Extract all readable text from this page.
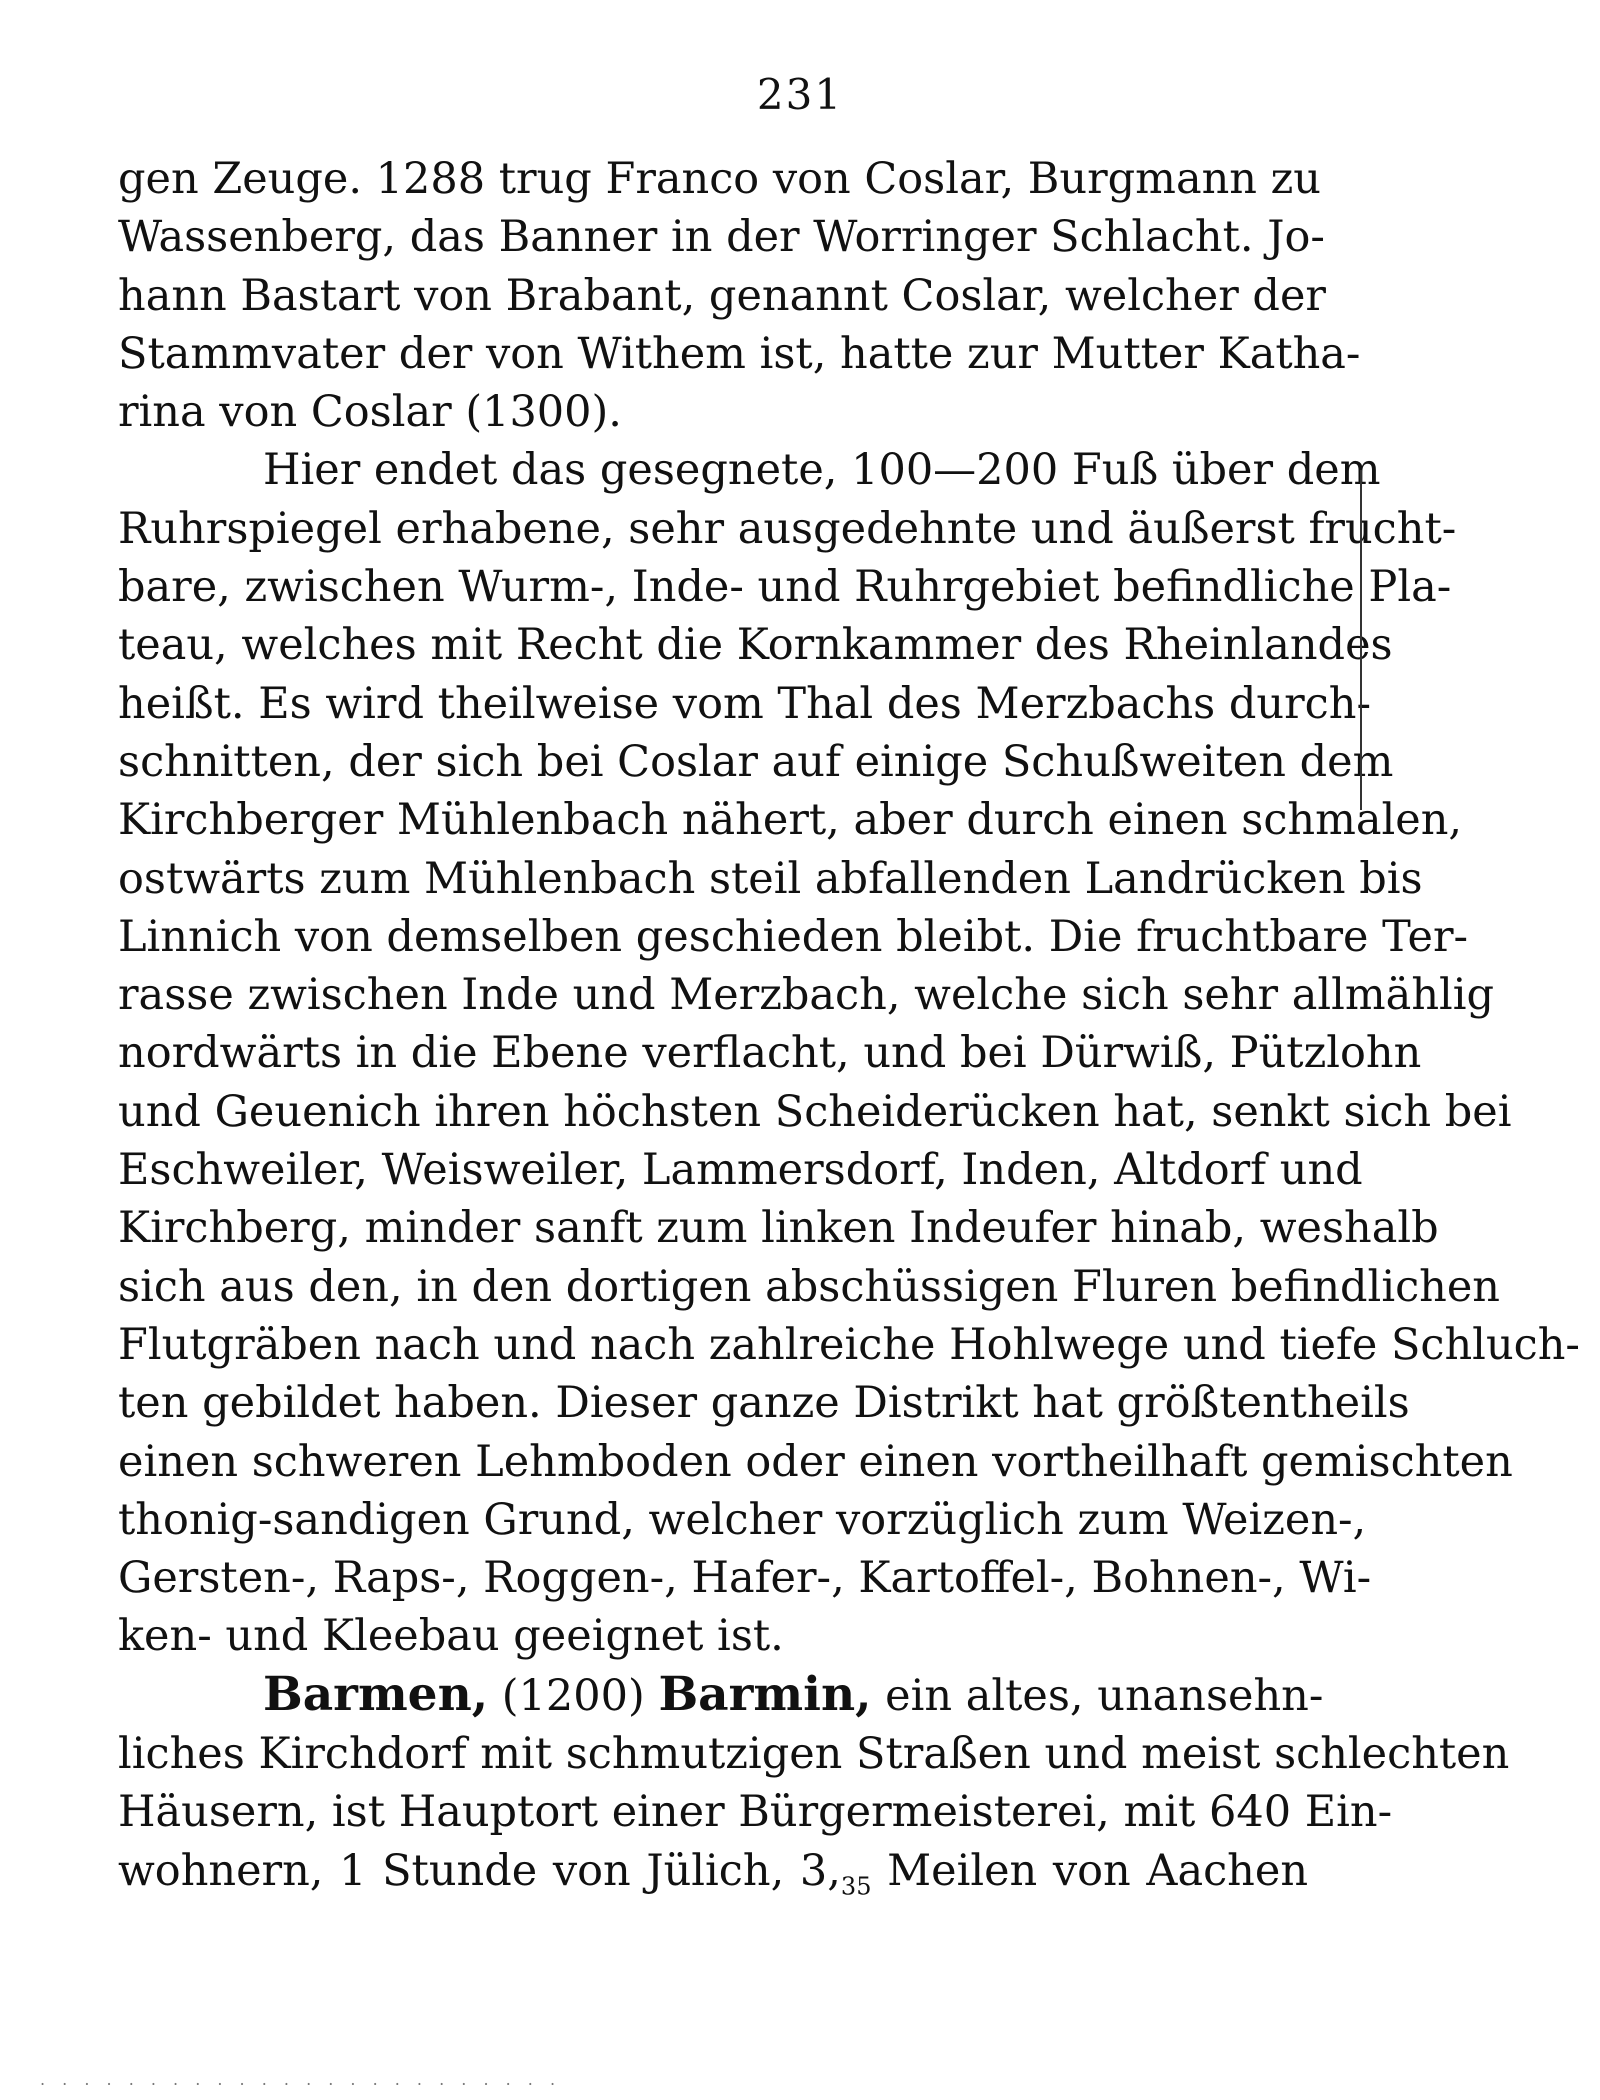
231
gen Zeuge. 1288 trug Franco von Coslar, Burgmann zu
Wassenberg, das Banner in der Worringer Schlacht. Jo-
hann Bastart von Brabant, genannt Coslar, welcher der
Stammvater der von Withem ist, hatte zur Mutter Katha-
rina von Coslar (1300).
Hier endet das gesegnete, 100—200 Fuß über dem
Ruhrspiegel erhabene, sehr ausgedehnte und äußerst frucht-
bare, zwischen Wurm-, Inde- und Ruhrgebiet befindliche Pla-
teau, welches mit Recht die Kornkammer des Rheinlandes
heißt. Es wird theilweise vom Thal des Merzbachs durch-
schnitten, der sich bei Coslar auf einige Schußweiten dem
Kirchberger Mühlenbach nähert, aber durch einen schmalen,
ostwärts zum Mühlenbach steil abfallenden Landrücken bis
Linnich von demselben geschieden bleibt. Die fruchtbare Ter-
rasse zwischen Inde und Merzbach, welche sich sehr allmählig
nordwärts in die Ebene verflacht, und bei Dürwiß, Pützlohn
und Geuenich ihren höchsten Scheiderücken hat, senkt sich bei
Eschweiler, Weisweiler, Lammersdorf, Inden, Altdorf und
Kirchberg, minder sanft zum linken Indeufer hinab, weshalb
sich aus den, in den dortigen abschüssigen Fluren befindlichen
Flutgräben nach und nach zahlreiche Hohlwege und tiefe Schluch-
ten gebildet haben. Dieser ganze Distrikt hat größtentheils
einen schweren Lehmboden oder einen vortheilhaft gemischten
thonig-sandigen Grund, welcher vorzüglich zum Weizen-,
Gersten-, Raps-, Roggen-, Hafer-, Kartoffel-, Bohnen-, Wi-
ken- und Kleebau geeignet ist.
Barmen, (1200) Barmin, ein altes, unansehn-
liches Kirchdorf mit schmutzigen Straßen und meist schlechten
Häusern, ist Hauptort einer Bürgermeisterei, mit 640 Ein-
wohnern, 1 Stunde von Jülich, $3,_{35}$ Meilen von Aachen
. . . . . . . . . . . . . . . . . . . . . . . .
